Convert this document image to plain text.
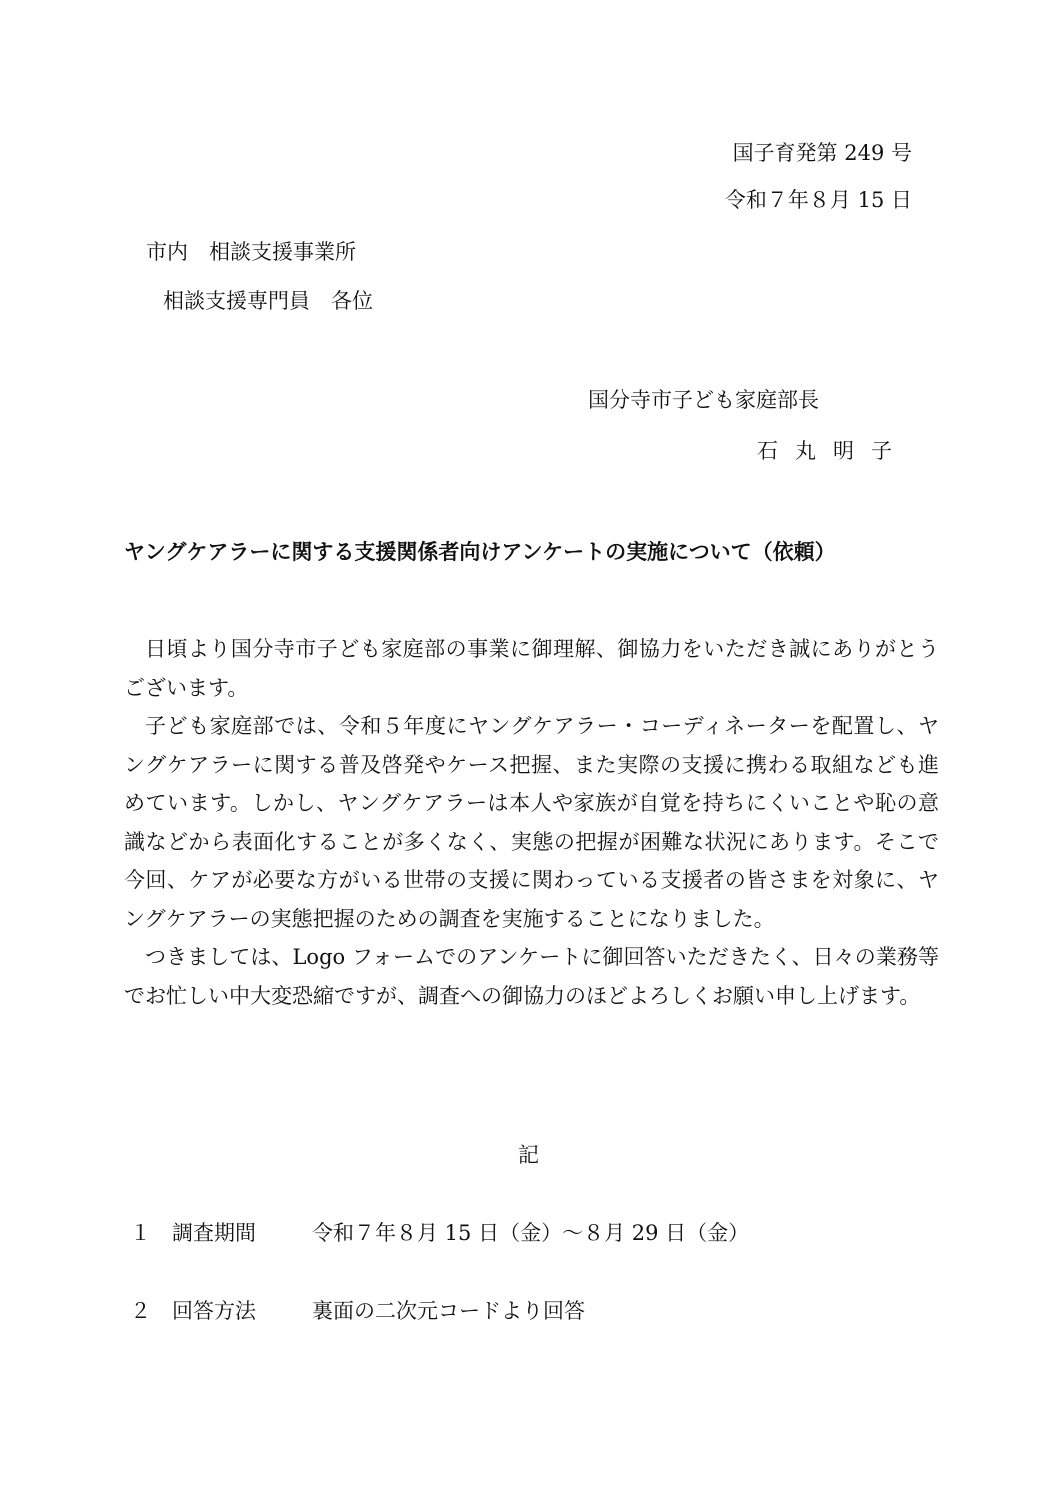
国子育発第 249 号
令和７年８月 15 日
市内　相談支援事業所
相談支援専門員　各位
国分寺市子ども家庭部長
石丸明子
ヤングケアラーに関する支援関係者向けアンケートの実施について（依頼）

日頃より国分寺市子ども家庭部の事業に御理解、御協力をいただき誠にありがとうございます。

子ども家庭部では、令和５年度にヤングケアラー・コーディネーターを配置し、ヤングケアラーに関する普及啓発やケース把握、また実際の支援に携わる取組なども進めています。しかし、ヤングケアラーは本人や家族が自覚を持ちにくいことや恥の意識などから表面化することが多くなく、実態の把握が困難な状況にあります。そこで今回、ケアが必要な方がいる世帯の支援に関わっている支援者の皆さまを対象に、ヤングケアラーの実態把握のための調査を実施することになりました。

つきましては、Logo フォームでのアンケートに御回答いただきたく、日々の業務等でお忙しい中大変恐縮ですが、調査への御協力のほどよろしくお願い申し上げます。

記
１ 調査期間	令和７年８月 15 日（金）～８月 29 日（金）
２ 回答方法	裏面の二次元コードより回答
